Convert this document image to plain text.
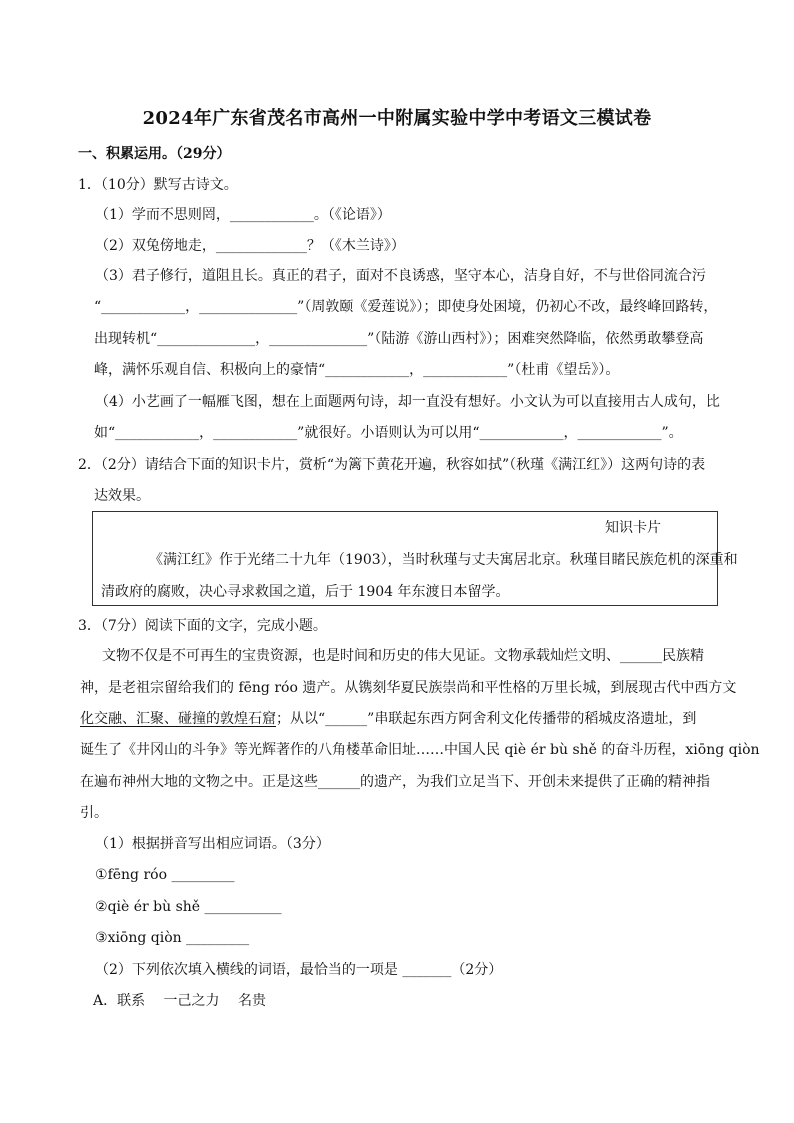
2024年广东省茂名市高州一中附属实验中学中考语文三模试卷
一、积累运用。（29分）
1．（10分）默写古诗文。
（1）学而不思则罔，____________。（《论语》）
（2）双兔傍地走，_____________？（《木兰诗》）
（3）君子修行，道阻且长。真正的君子，面对不良诱惑，坚守本心，洁身自好，不与世俗同流合污
“____________，______________”（周敦颐《爱莲说》）；即使身处困境，仍初心不改，最终峰回路转，
出现转机“______________，______________”（陆游《游山西村》）；困难突然降临，依然勇敢攀登高
峰，满怀乐观自信、积极向上的豪情“____________，____________”（杜甫《望岳》）。
（4）小艺画了一幅雁飞图，想在上面题两句诗，却一直没有想好。小文认为可以直接用古人成句，比
如“____________，____________”就很好。小语则认为可以用“____________，____________”。
2．（2分）请结合下面的知识卡片，赏析“为篱下黄花开遍，秋容如拭”（秋瑾《满江红》）这两句诗的表
达效果。
知识卡片
《满江红》作于光绪二十九年（1903），当时秋瑾与丈夫寓居北京。秋瑾目睹民族危机的深重和
清政府的腐败，决心寻求救国之道，后于 1904 年东渡日本留学。
3．（7分）阅读下面的文字，完成小题。
文物不仅是不可再生的宝贵资源，也是时间和历史的伟大见证。文物承载灿烂文明、______民族精
神，是老祖宗留给我们的 fēng róo 遗产。从镌刻华夏民族崇尚和平性格的万里长城，到展现古代中西方文
化交融、汇聚、碰撞的敦煌石窟；从以“______”串联起东西方阿舍利文化传播带的稻城皮洛遗址，到
诞生了《井冈山的斗争》等光辉著作的八角楼革命旧址……中国人民 qiè ér bù shě 的奋斗历程，xiōng qiòn
在遍布神州大地的文物之中。正是这些______的遗产，为我们立足当下、开创未来提供了正确的精神指
引。
（1）根据拼音写出相应词语。（3分）
①fēng róo _________
②qiè ér bù shě ___________
③xiōng qiòn _________
（2）下列依次填入横线的词语，最恰当的一项是 _______（2分）
A．联系　 一己之力　 名贵
